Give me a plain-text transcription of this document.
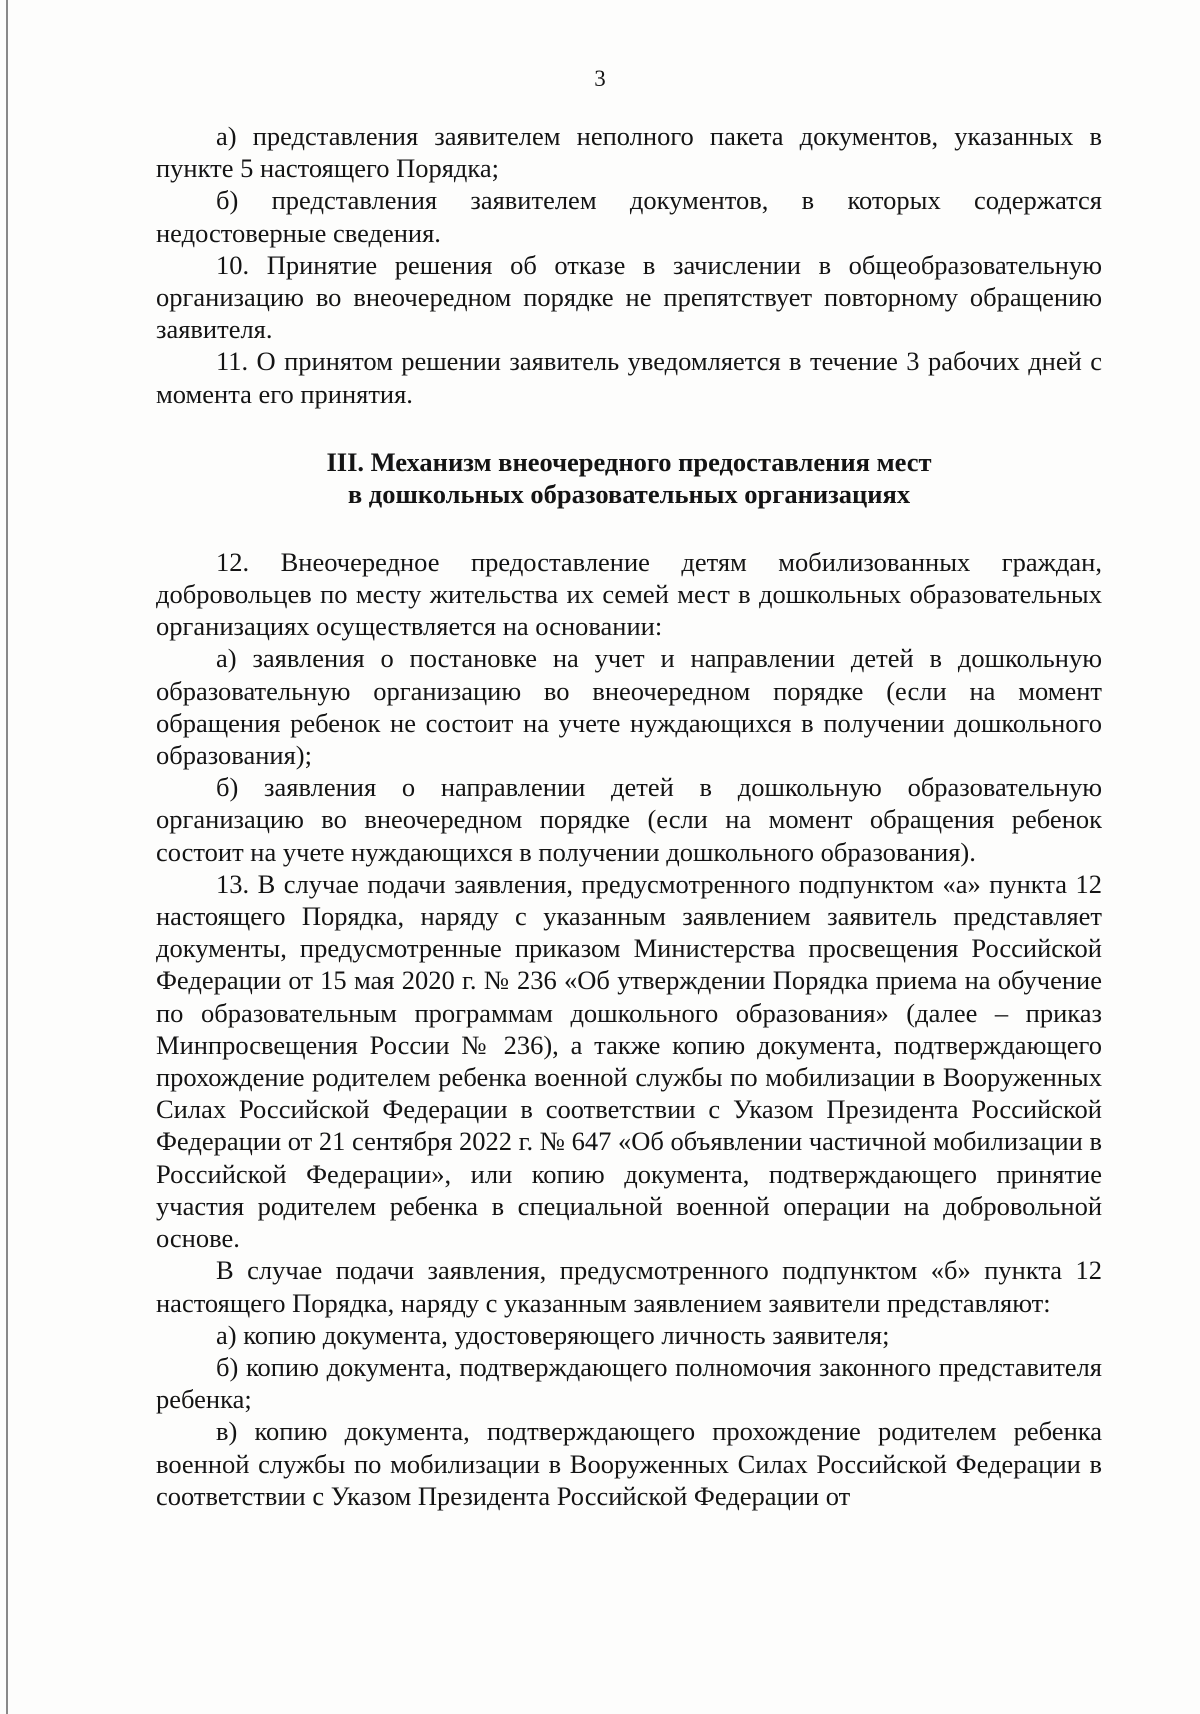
3

а) представления заявителем неполного пакета документов, указанных в пункте 5 настоящего Порядка;

б) представления заявителем документов, в которых содержатся недостоверные сведения.

10. Принятие решения об отказе в зачислении в общеобразовательную организацию во внеочередном порядке не препятствует повторному обращению заявителя.

11. О принятом решении заявитель уведомляется в течение 3 рабочих дней с момента его принятия.

III. Механизм внеочередного предоставления мест
в дошкольных образовательных организациях

12. Внеочередное предоставление детям мобилизованных граждан, добровольцев по месту жительства их семей мест в дошкольных образовательных организациях осуществляется на основании:

а) заявления о постановке на учет и направлении детей в дошкольную образовательную организацию во внеочередном порядке (если на момент обращения ребенок не состоит на учете нуждающихся в получении дошкольного образования);

б) заявления о направлении детей в дошкольную образовательную организацию во внеочередном порядке (если на момент обращения ребенок состоит на учете нуждающихся в получении дошкольного образования).

13. В случае подачи заявления, предусмотренного подпунктом «а» пункта 12 настоящего Порядка, наряду с указанным заявлением заявитель представляет документы, предусмотренные приказом Министерства просвещения Российской Федерации от 15 мая 2020 г. № 236 «Об утверждении Порядка приема на обучение по образовательным программам дошкольного образования» (далее – приказ Минпросвещения России № 236), а также копию документа, подтверждающего прохождение родителем ребенка военной службы по мобилизации в Вооруженных Силах Российской Федерации в соответствии с Указом Президента Российской Федерации от 21 сентября 2022 г. № 647 «Об объявлении частичной мобилизации в Российской Федерации», или копию документа, подтверждающего принятие участия родителем ребенка в специальной военной операции на добровольной основе.

В случае подачи заявления, предусмотренного подпунктом «б» пункта 12 настоящего Порядка, наряду с указанным заявлением заявители представляют:

а) копию документа, удостоверяющего личность заявителя;

б) копию документа, подтверждающего полномочия законного представителя ребенка;

в) копию документа, подтверждающего прохождение родителем ребенка военной службы по мобилизации в Вооруженных Силах Российской Федерации в соответствии с Указом Президента Российской Федерации от
